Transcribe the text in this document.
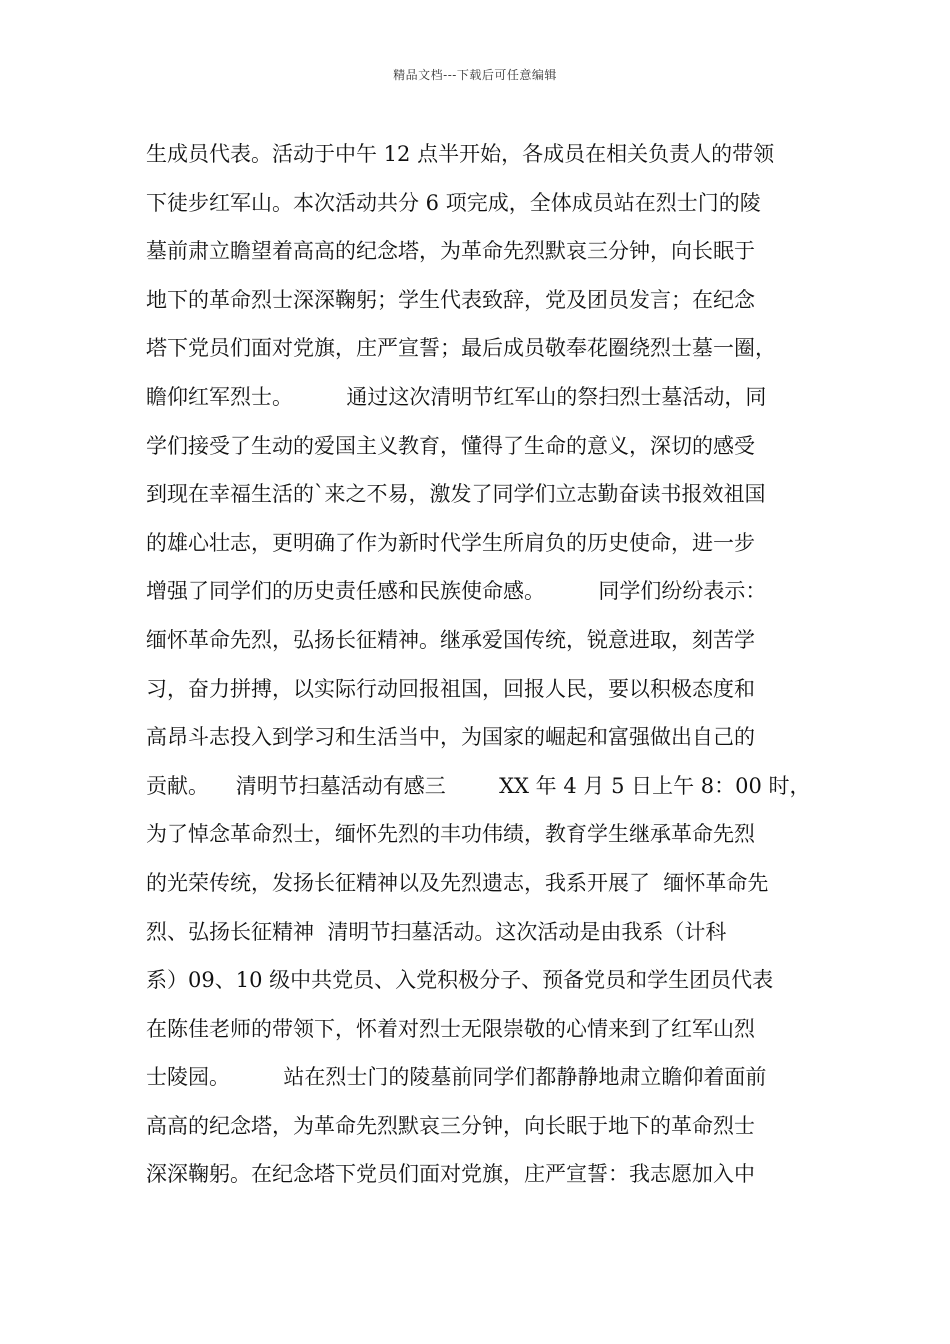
精品文档---下载后可任意编辑
生成员代表。活动于中午 12 点半开始，各成员在相关负责人的带领
下徒步红军山。本次活动共分 6 项完成，全体成员站在烈士门的陵
墓前肃立瞻望着高高的纪念塔，为革命先烈默哀三分钟，向长眠于
地下的革命烈士深深鞠躬；学生代表致辞，党及团员发言；在纪念
塔下党员们面对党旗，庄严宣誓；最后成员敬奉花圈绕烈士墓一圈，
瞻仰红军烈士。        通过这次清明节红军山的祭扫烈士墓活动，同
学们接受了生动的爱国主义教育，懂得了生命的意义，深切的感受
到现在幸福生活的`来之不易，激发了同学们立志勤奋读书报效祖国
的雄心壮志，更明确了作为新时代学生所肩负的历史使命，进一步
增强了同学们的历史责任感和民族使命感。        同学们纷纷表示：
缅怀革命先烈，弘扬长征精神。继承爱国传统，锐意进取，刻苦学
习，奋力拼搏，以实际行动回报祖国，回报人民，要以积极态度和
高昂斗志投入到学习和生活当中，为国家的崛起和富强做出自己的
贡献。    清明节扫墓活动有感三        XX 年 4 月 5 日上午 8：00 时，
为了悼念革命烈士，缅怀先烈的丰功伟绩，教育学生继承革命先烈
的光荣传统，发扬长征精神以及先烈遗志，我系开展了  缅怀革命先
烈、弘扬长征精神  清明节扫墓活动。这次活动是由我系（计科
系）09、10 级中共党员、入党积极分子、预备党员和学生团员代表
在陈佳老师的带领下，怀着对烈士无限崇敬的心情来到了红军山烈
士陵园。        站在烈士门的陵墓前同学们都静静地肃立瞻仰着面前
高高的纪念塔，为革命先烈默哀三分钟，向长眠于地下的革命烈士
深深鞠躬。在纪念塔下党员们面对党旗，庄严宣誓：我志愿加入中
